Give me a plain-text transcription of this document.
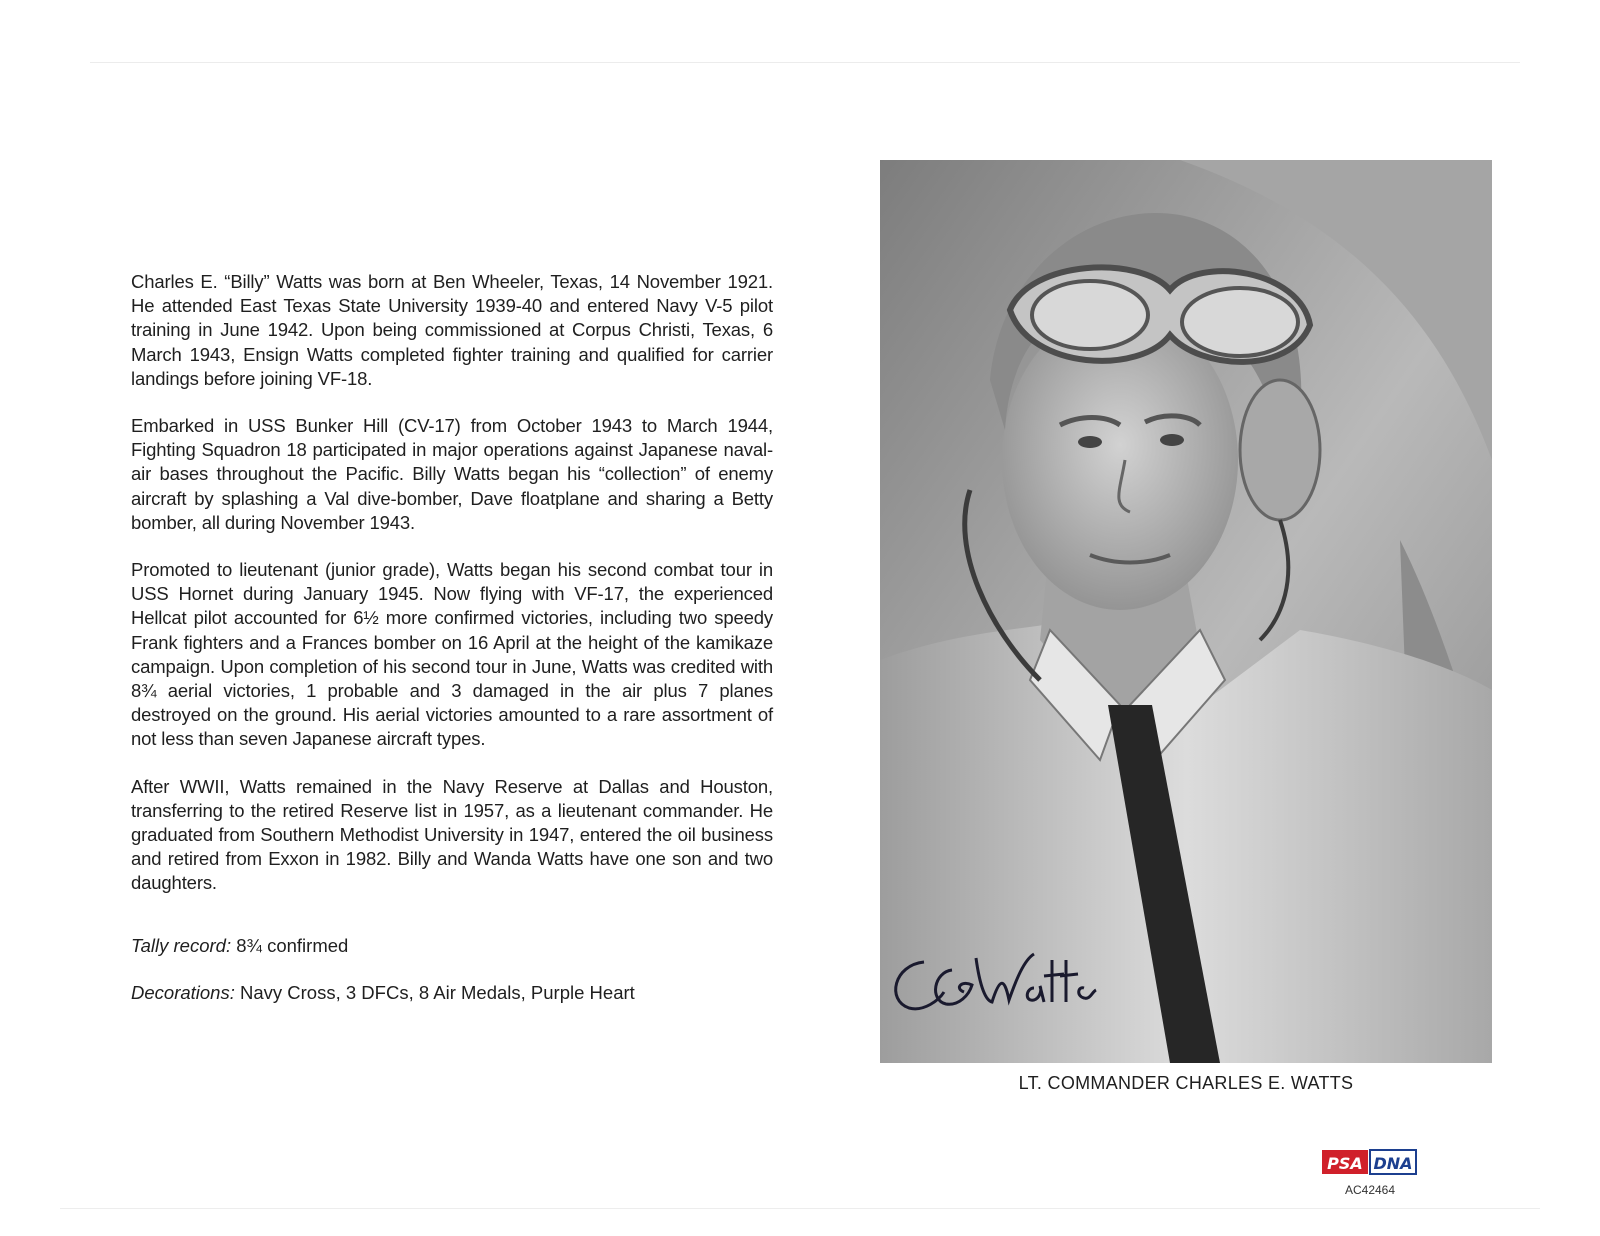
Charles E. “Billy” Watts was born at Ben Wheeler, Texas, 14 November 1921. He attended East Texas State University 1939-40 and entered Navy V-5 pilot training in June 1942. Upon being commissioned at Corpus Christi, Texas, 6 March 1943, Ensign Watts completed fighter training and qualified for carrier landings before joining VF-18.

Embarked in USS Bunker Hill (CV-17) from October 1943 to March 1944, Fighting Squadron 18 participated in major operations against Japanese naval-air bases throughout the Pacific. Billy Watts began his “collection” of enemy aircraft by splashing a Val dive-bomber, Dave floatplane and sharing a Betty bomber, all during November 1943.

Promoted to lieutenant (junior grade), Watts began his second combat tour in USS Hornet during January 1945. Now flying with VF-17, the experienced Hellcat pilot accounted for 6½ more confirmed victories, including two speedy Frank fighters and a Frances bomber on 16 April at the height of the kamikaze campaign. Upon completion of his second tour in June, Watts was credited with 8¾ aerial victories, 1 probable and 3 damaged in the air plus 7 planes destroyed on the ground. His aerial victories amounted to a rare assortment of not less than seven Japanese aircraft types.

After WWII, Watts remained in the Navy Reserve at Dallas and Houston, transferring to the retired Reserve list in 1957, as a lieutenant commander. He graduated from Southern Methodist University in 1947, entered the oil business and retired from Exxon in 1982. Billy and Wanda Watts have one son and two daughters.

Tally record: 8¾ confirmed
Decorations: Navy Cross, 3 DFCs, 8 Air Medals, Purple Heart
LT. COMMANDER CHARLES E. WATTS
PSA DNA
AC42464
